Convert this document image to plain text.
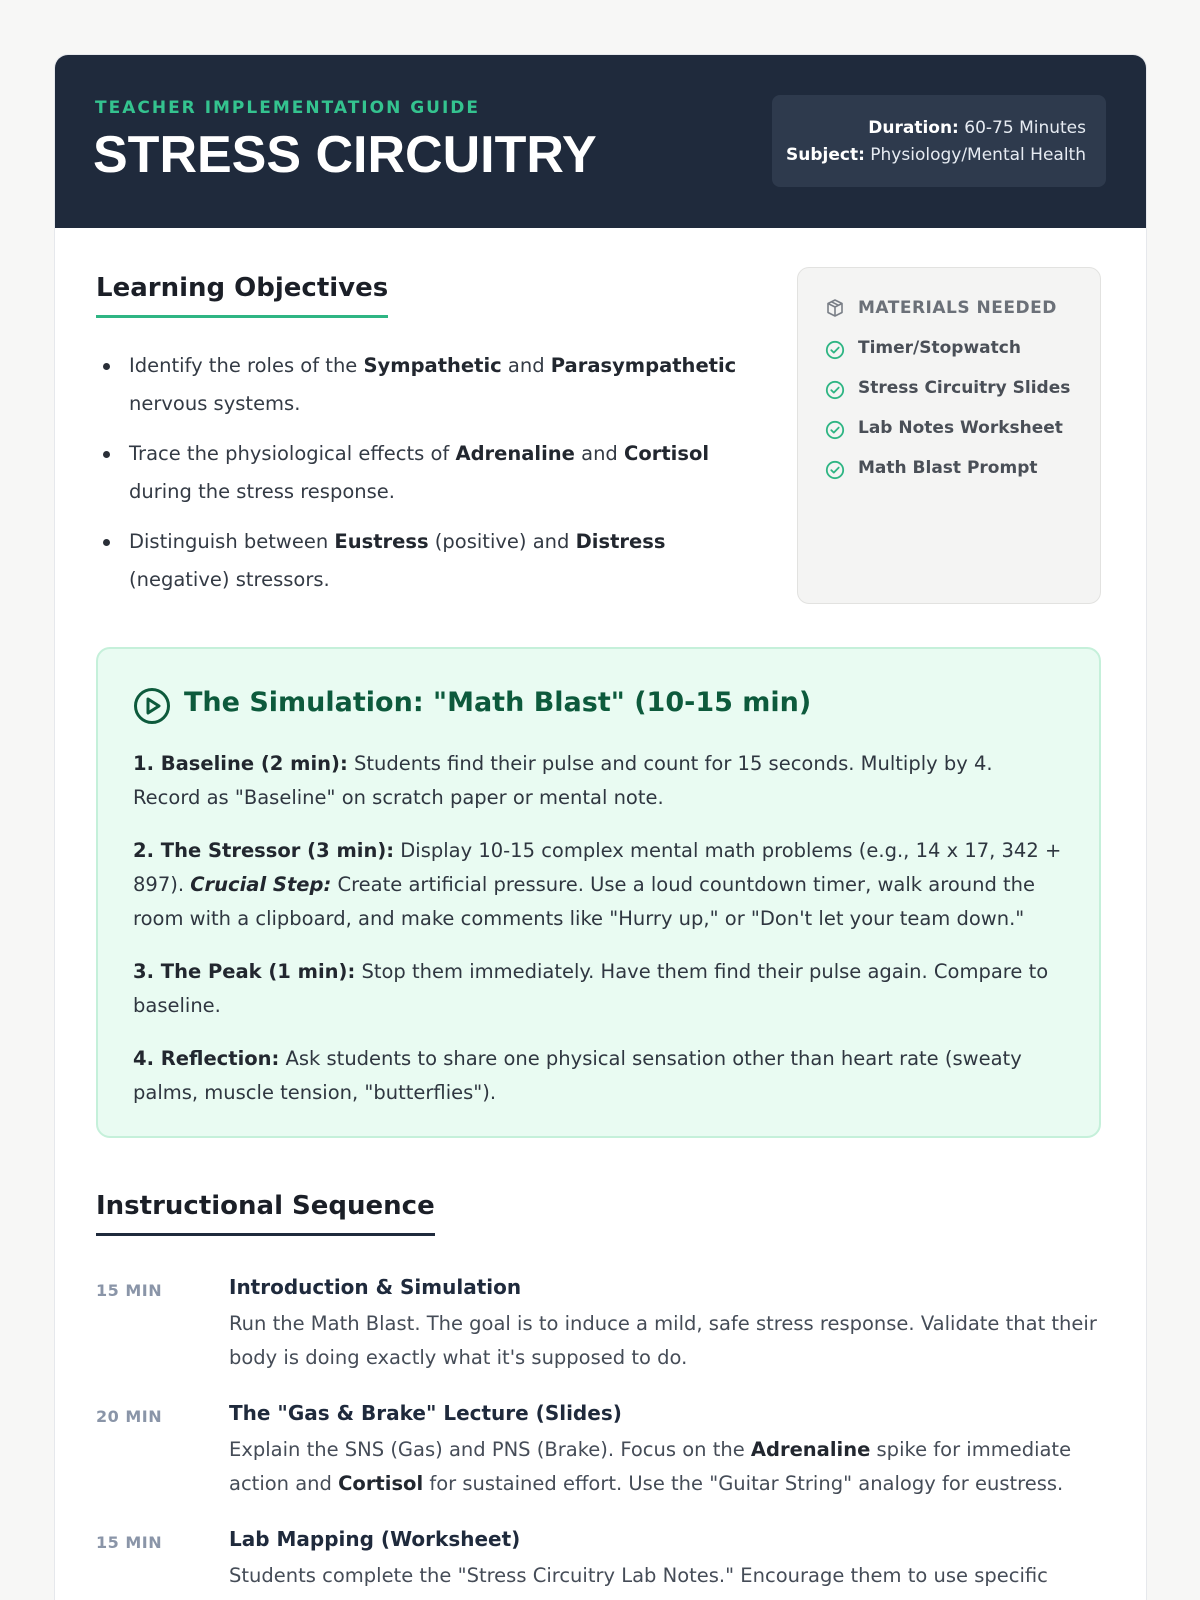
TEACHER IMPLEMENTATION GUIDE
STRESS CIRCUITRY	Duration: 60-75 Minutes
Subject: Physiology/Mental Health
Learning Objectives
Identify the roles of the Sympathetic and Parasympathetic nervous systems.
Trace the physiological effects of Adrenaline and Cortisol during the stress response.
Distinguish between Eustress (positive) and Distress (negative) stressors.
MATERIALS NEEDED
Timer/Stopwatch
Stress Circuitry Slides
Lab Notes Worksheet
Math Blast Prompt
The Simulation: "Math Blast" (10-15 min)

1. Baseline (2 min): Students find their pulse and count for 15 seconds. Multiply by 4. Record as "Baseline" on scratch paper or mental note.

2. The Stressor (3 min): Display 10-15 complex mental math problems (e.g., 14 x 17, 342 + 897). Crucial Step: Create artificial pressure. Use a loud countdown timer, walk around the room with a clipboard, and make comments like "Hurry up," or "Don't let your team down."

3. The Peak (1 min): Stop them immediately. Have them find their pulse again. Compare to baseline.

4. Reflection: Ask students to share one physical sensation other than heart rate (sweaty palms, muscle tension, "butterflies").

Instructional Sequence
15 MIN	Introduction & Simulation
Run the Math Blast. The goal is to induce a mild, safe stress response. Validate that their body is doing exactly what it's supposed to do.
20 MIN	The "Gas & Brake" Lecture (Slides)
Explain the SNS (Gas) and PNS (Brake). Focus on the Adrenaline spike for immediate action and Cortisol for sustained effort. Use the "Guitar String" analogy for eustress.
15 MIN	Lab Mapping (Worksheet)
Students complete the "Stress Circuitry Lab Notes." Encourage them to use specific
